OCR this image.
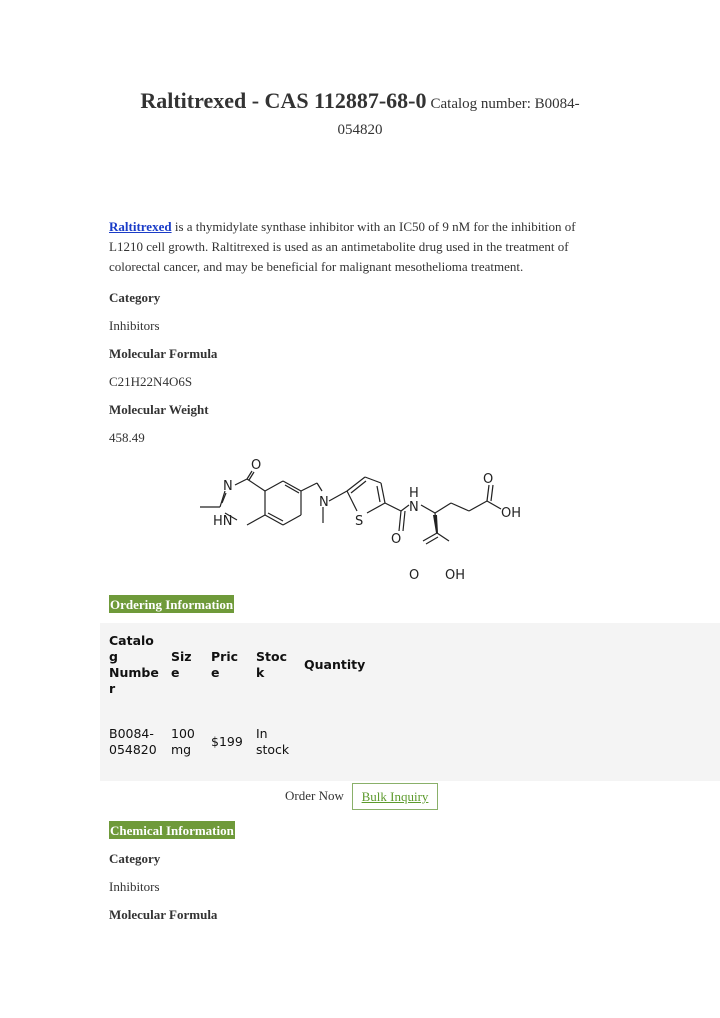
Raltitrexed - CAS 112887-68-0 Catalog number: B0084-
054820
Raltitrexed is a thymidylate synthase inhibitor with an IC50 of 9 nM for the inhibition of
L1210 cell growth. Raltitrexed is used as an antimetabolite drug used in the treatment of
colorectal cancer, and may be beneficial for malignant mesothelioma treatment.
Category
Inhibitors
Molecular Formula
C21H22N4O6S
Molecular Weight
458.49
O
N
HN
N
S
H
N
O
OH
O
OH
O
Ordering Information
Catalo
g
Numbe
r	Siz
e	Pric
e	Stoc
k	Quantity

B0084-
054820	100
mg	$199	In
stock	
Order Now	Bulk Inquiry
Chemical Information
Category
Inhibitors
Molecular Formula
